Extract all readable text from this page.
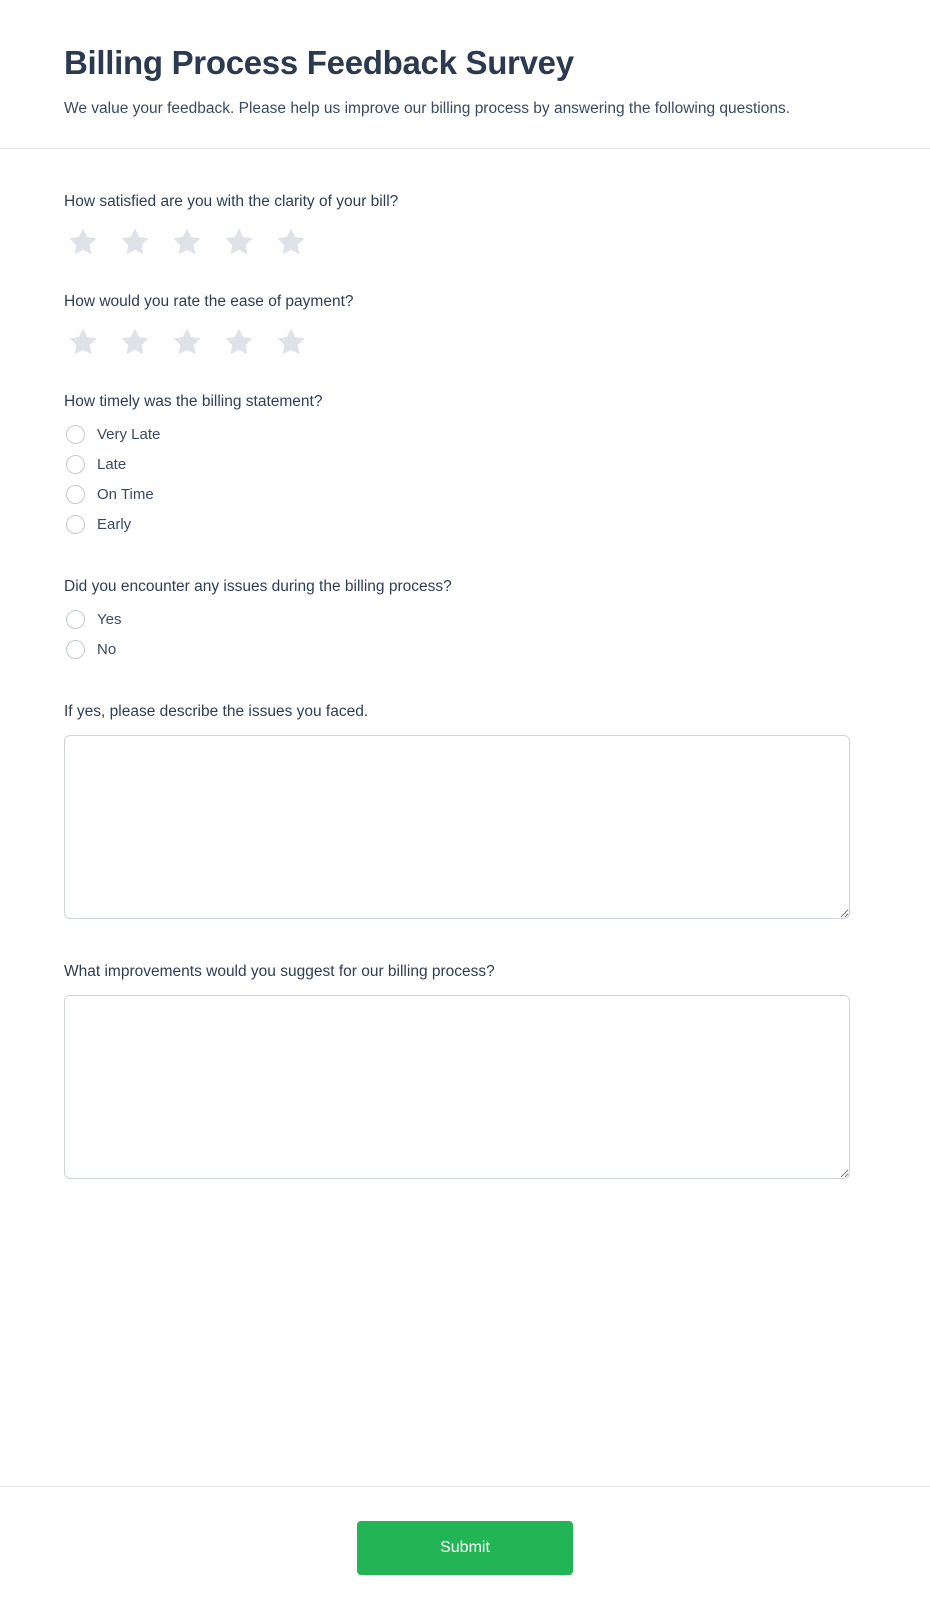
Billing Process Feedback Survey

We value your feedback. Please help us improve our billing process by answering the following questions.

How satisfied are you with the clarity of your bill?
How would you rate the ease of payment?
How timely was the billing statement?
Very Late
Late
On Time
Early
Did you encounter any issues during the billing process?
Yes
No
If yes, please describe the issues you faced.
What improvements would you suggest for our billing process?
Submit
